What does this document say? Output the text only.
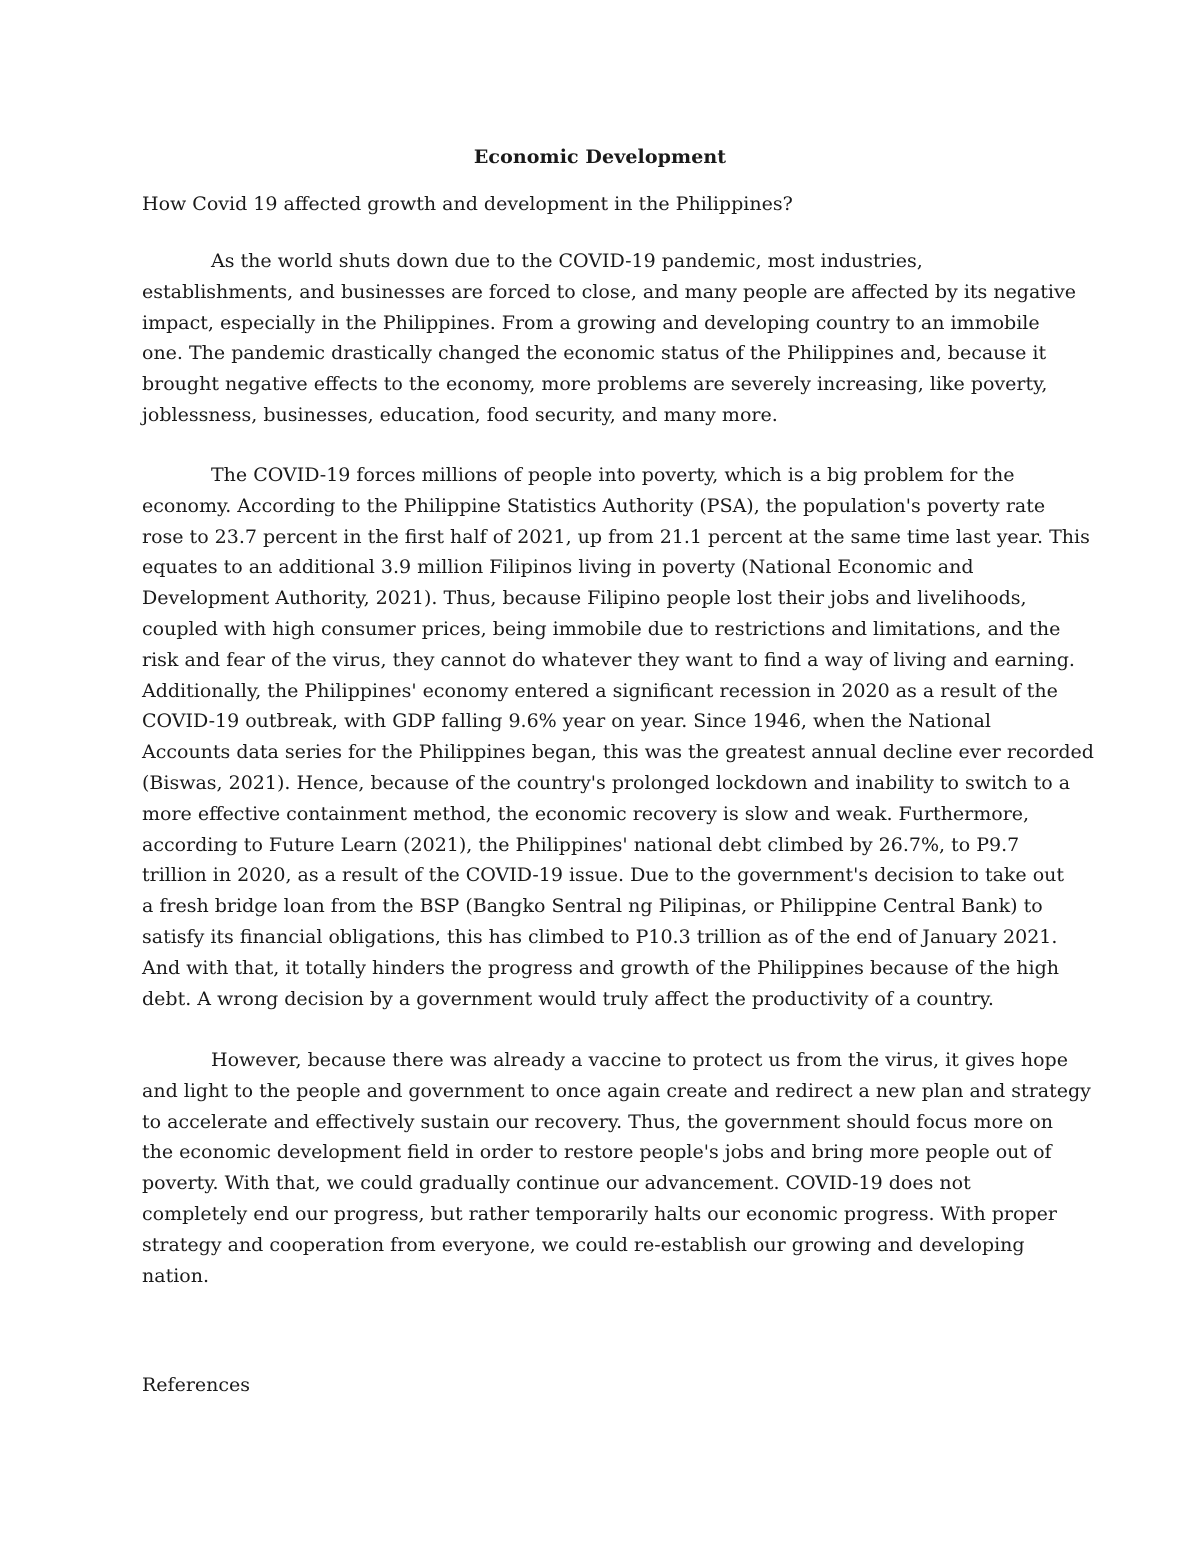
Economic Development
How Covid 19 affected growth and development in the Philippines?
As the world shuts down due to the COVID-19 pandemic, most industries,
establishments, and businesses are forced to close, and many people are affected by its negative
impact, especially in the Philippines. From a growing and developing country to an immobile
one. The pandemic drastically changed the economic status of the Philippines and, because it
brought negative effects to the economy, more problems are severely increasing, like poverty,
joblessness, businesses, education, food security, and many more.
The COVID-19 forces millions of people into poverty, which is a big problem for the
economy. According to the Philippine Statistics Authority (PSA), the population's poverty rate
rose to 23.7 percent in the first half of 2021, up from 21.1 percent at the same time last year. This
equates to an additional 3.9 million Filipinos living in poverty (National Economic and
Development Authority, 2021). Thus, because Filipino people lost their jobs and livelihoods,
coupled with high consumer prices, being immobile due to restrictions and limitations, and the
risk and fear of the virus, they cannot do whatever they want to find a way of living and earning.
Additionally, the Philippines' economy entered a significant recession in 2020 as a result of the
COVID-19 outbreak, with GDP falling 9.6% year on year. Since 1946, when the National
Accounts data series for the Philippines began, this was the greatest annual decline ever recorded
(Biswas, 2021). Hence, because of the country's prolonged lockdown and inability to switch to a
more effective containment method, the economic recovery is slow and weak. Furthermore,
according to Future Learn (2021), the Philippines' national debt climbed by 26.7%, to P9.7
trillion in 2020, as a result of the COVID-19 issue. Due to the government's decision to take out
a fresh bridge loan from the BSP (Bangko Sentral ng Pilipinas, or Philippine Central Bank) to
satisfy its financial obligations, this has climbed to P10.3 trillion as of the end of January 2021.
And with that, it totally hinders the progress and growth of the Philippines because of the high
debt. A wrong decision by a government would truly affect the productivity of a country.
However, because there was already a vaccine to protect us from the virus, it gives hope
and light to the people and government to once again create and redirect a new plan and strategy
to accelerate and effectively sustain our recovery. Thus, the government should focus more on
the economic development field in order to restore people's jobs and bring more people out of
poverty. With that, we could gradually continue our advancement. COVID-19 does not
completely end our progress, but rather temporarily halts our economic progress. With proper
strategy and cooperation from everyone, we could re-establish our growing and developing
nation.
References
